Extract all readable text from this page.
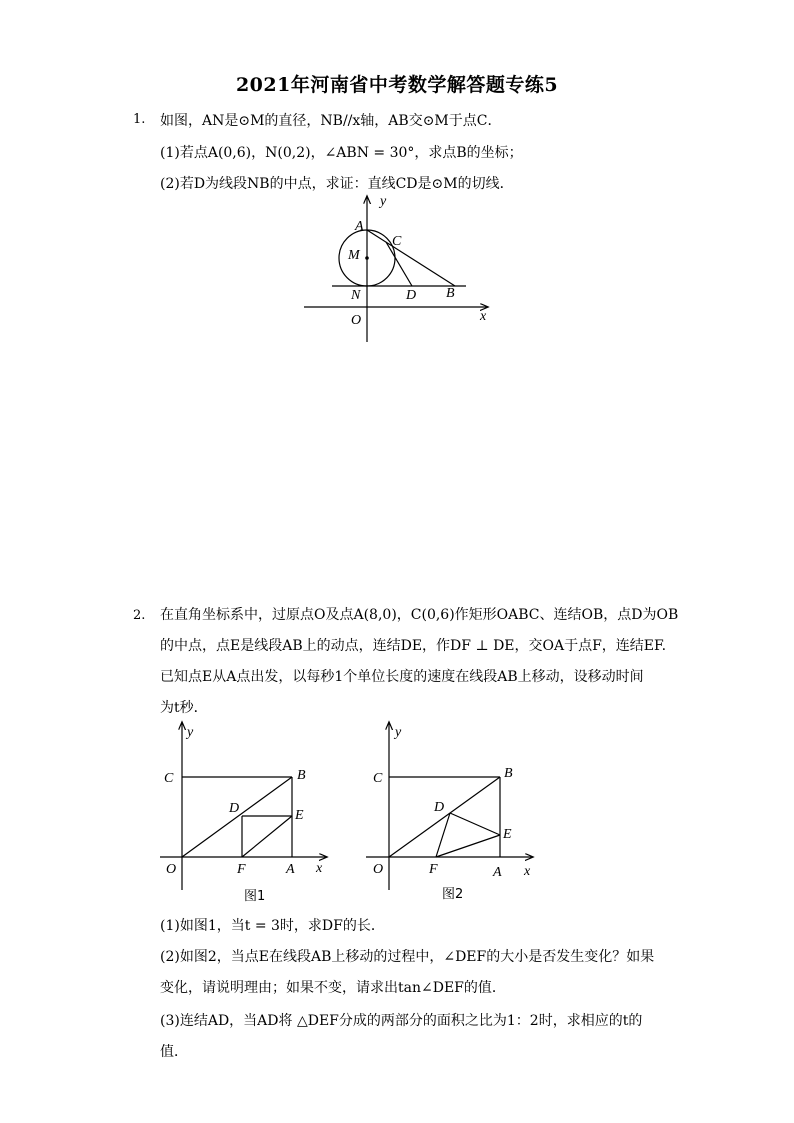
2021年河南省中考数学解答题专练5
1. 如图，AN是⊙M的直径，NB//x轴，AB交⊙M于点C．
(1)若点A(0,6)，N(0,2)，∠ABN = 30°，求点B的坐标；
(2)若D为线段NB的中点，求证：直线CD是⊙M的切线．
y
x
A
C
M
N	D B
O
2. 在直角坐标系中，过原点O及点A(8,0)，C(0,6)作矩形OABC、连结OB，点D为OB
的中点，点E是线段AB上的动点，连结DE，作DF ⊥ DE，交OA于点F，连结EF.
已知点E从A点出发，以每秒1个单位长度的速度在线段AB上移动，设移动时间
为t秒．
y
x
C	B
D	E
O	F	A
图1
y
x
C	B
D
E
O	F	A
图2
(1)如图1，当t = 3时，求DF的长．
(2)如图2，当点E在线段AB上移动的过程中，∠DEF的大小是否发生变化？如果
变化，请说明理由；如果不变，请求出tan∠DEF的值．
(3)连结AD，当AD将 △DEF分成的两部分的面积之比为1：2时，求相应的t的
值．
